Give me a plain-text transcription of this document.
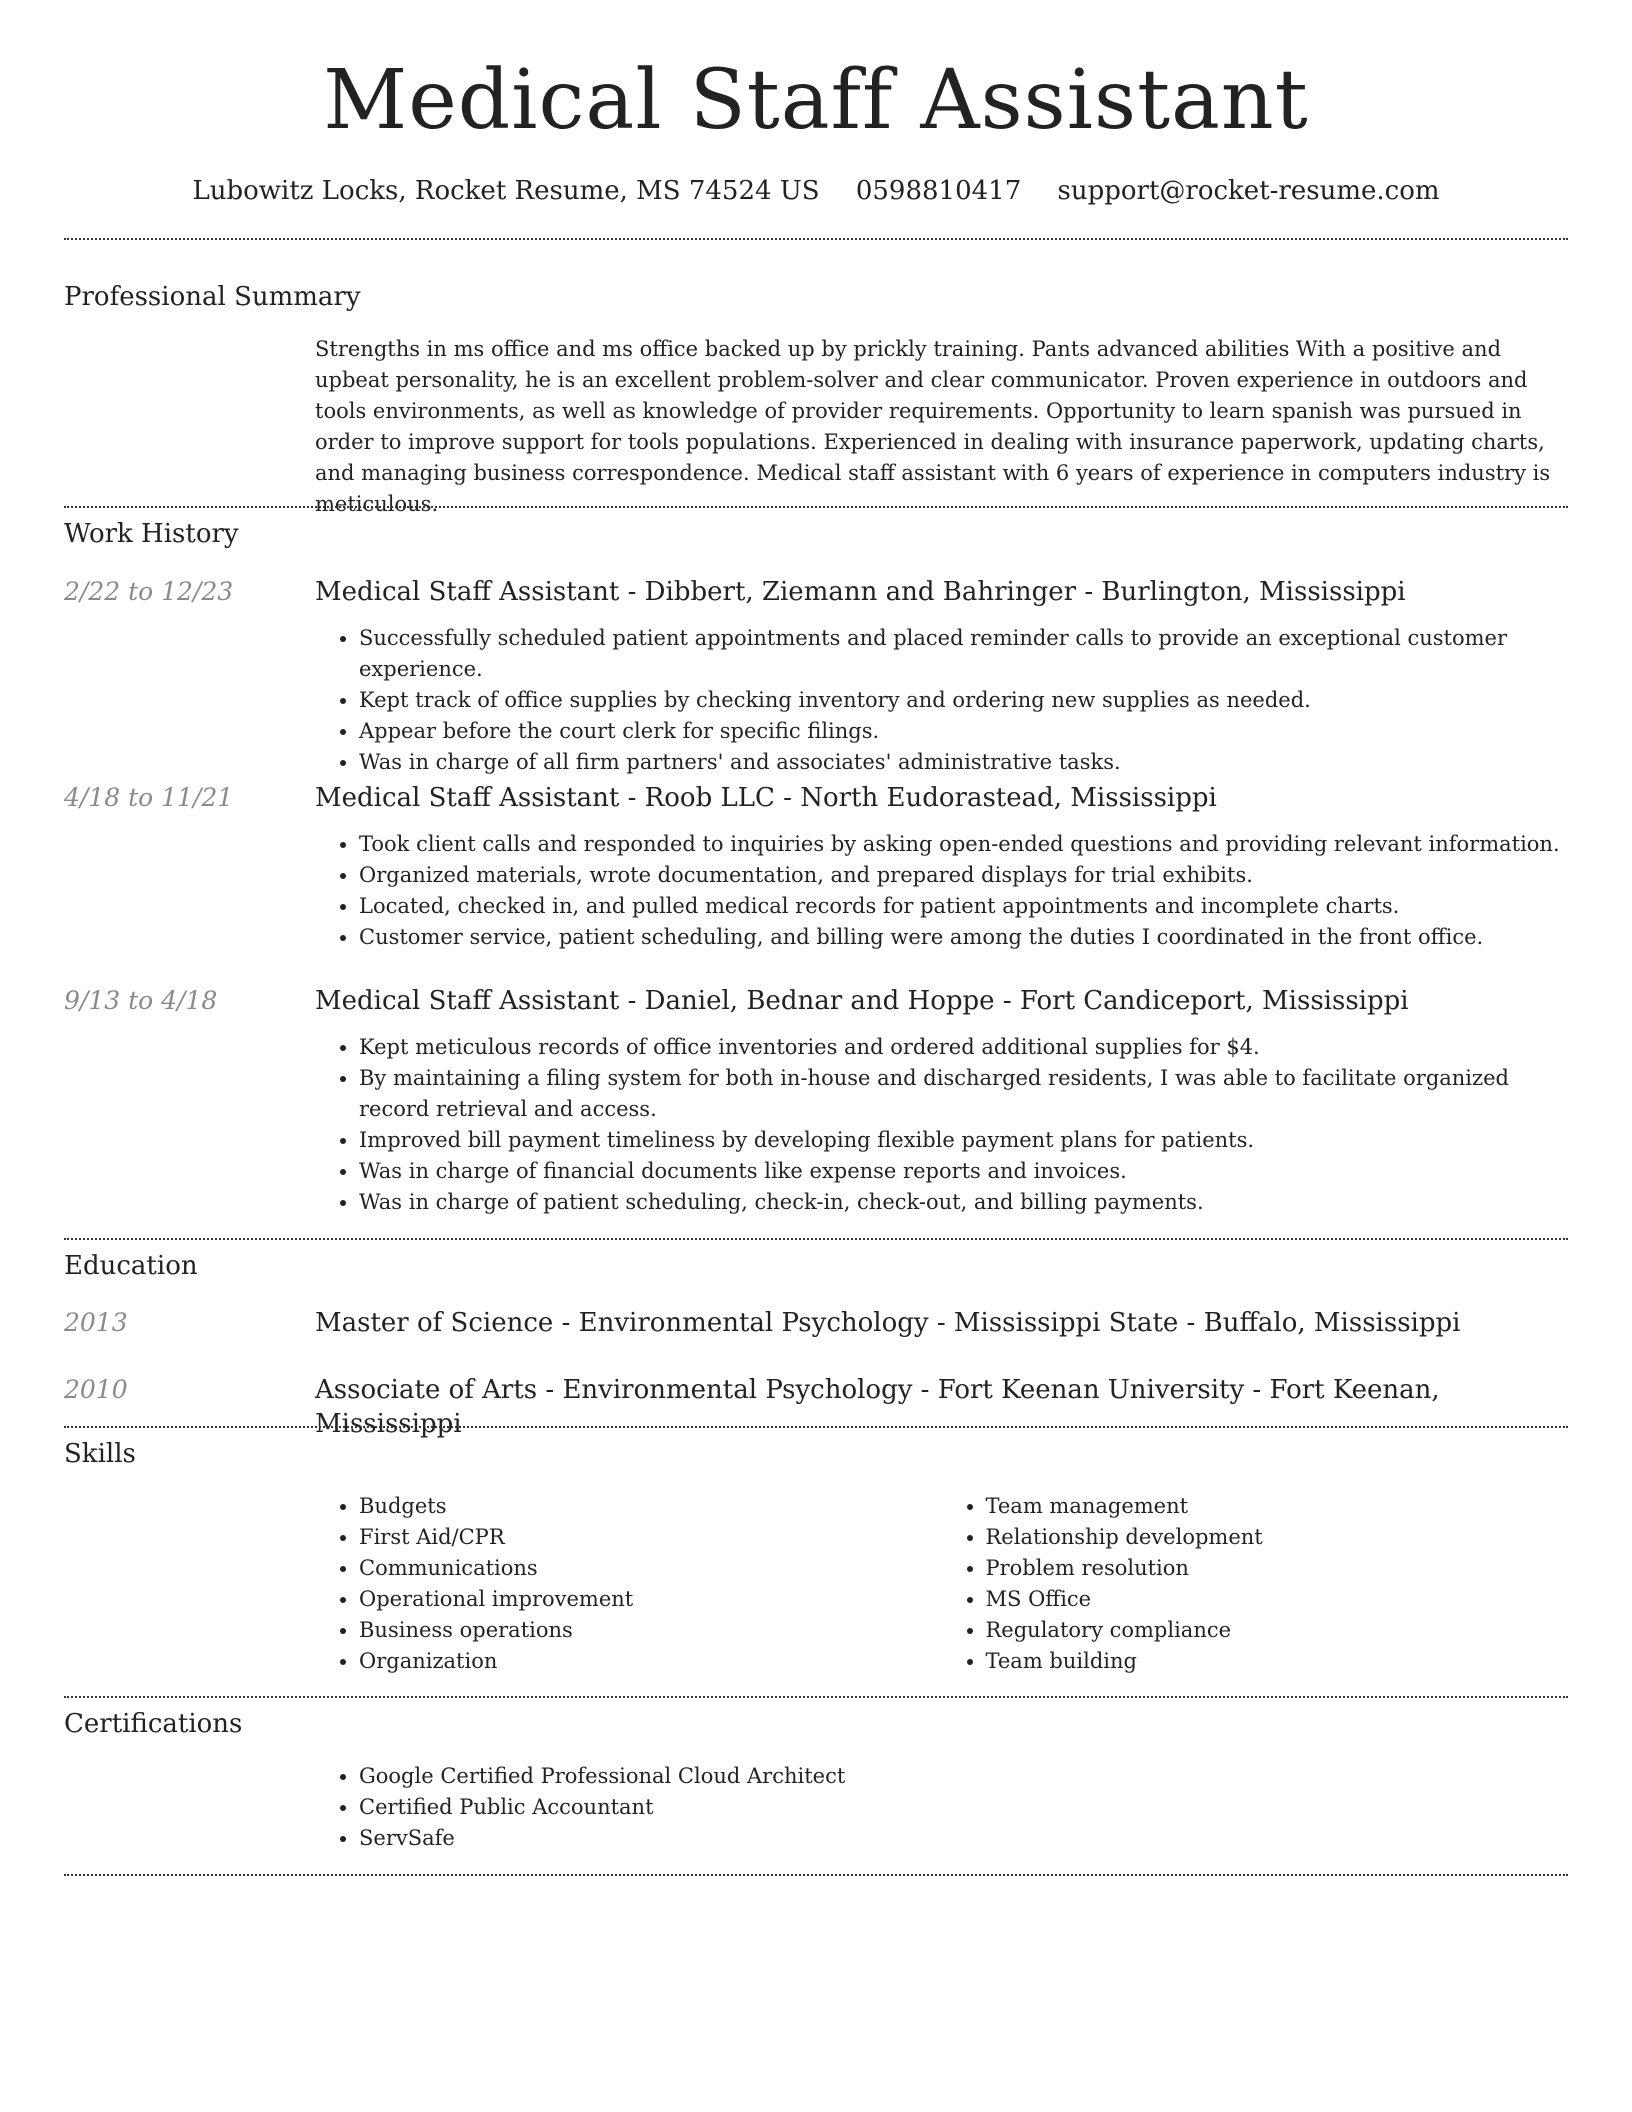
Medical Staff Assistant
Lubowitz Locks, Rocket Resume, MS 74524 US 0598810417 support@rocket-resume.com
Professional Summary

Strengths in ms office and ms office backed up by prickly training. Pants advanced abilities With a positive and upbeat personality, he is an excellent problem-solver and clear communicator. Proven experience in outdoors and tools environments, as well as knowledge of provider requirements. Opportunity to learn spanish was pursued in order to improve support for tools populations. Experienced in dealing with insurance paperwork, updating charts, and managing business correspondence. Medical staff assistant with 6 years of experience in computers industry is meticulous.

Work History
2/22 to 12/23	Medical Staff Assistant - Dibbert, Ziemann and Bahringer - Burlington, Mississippi
• Successfully scheduled patient appointments and placed reminder calls to provide an exceptional customer experience.
• Kept track of office supplies by checking inventory and ordering new supplies as needed.
• Appear before the court clerk for specific filings.
• Was in charge of all firm partners' and associates' administrative tasks.
4/18 to 11/21	Medical Staff Assistant - Roob LLC - North Eudorastead, Mississippi
• Took client calls and responded to inquiries by asking open-ended questions and providing relevant information.
• Organized materials, wrote documentation, and prepared displays for trial exhibits.
• Located, checked in, and pulled medical records for patient appointments and incomplete charts.
• Customer service, patient scheduling, and billing were among the duties I coordinated in the front office.
9/13 to 4/18	Medical Staff Assistant - Daniel, Bednar and Hoppe - Fort Candiceport, Mississippi
• Kept meticulous records of office inventories and ordered additional supplies for $4.
• By maintaining a filing system for both in-house and discharged residents, I was able to facilitate organized record retrieval and access.
• Improved bill payment timeliness by developing flexible payment plans for patients.
• Was in charge of financial documents like expense reports and invoices.
• Was in charge of patient scheduling, check-in, check-out, and billing payments.
Education
2013	Master of Science - Environmental Psychology - Mississippi State - Buffalo, Mississippi
2010	Associate of Arts - Environmental Psychology - Fort Keenan University - Fort Keenan, Mississippi
Skills
• Budgets
• First Aid/CPR
• Communications
• Operational improvement
• Business operations
• Organization
• Team management
• Relationship development
• Problem resolution
• MS Office
• Regulatory compliance
• Team building
Certifications
• Google Certified Professional Cloud Architect
• Certified Public Accountant
• ServSafe
